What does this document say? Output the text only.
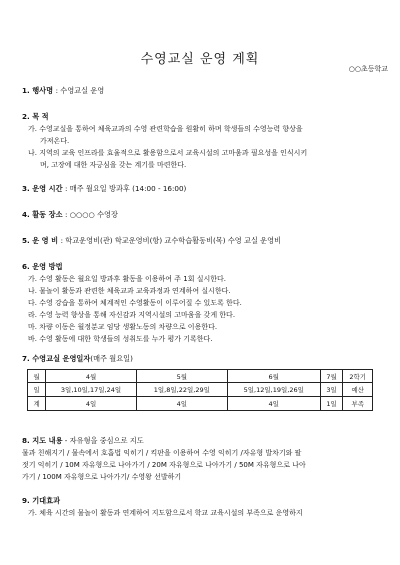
수영교실 운영 계획
○○초등학교
1. 행사명 : 수영교실 운영
2. 목 적
가. 수영교실을 통하여 체육교과의 수영 관련학습을 원활히 하며 학생들의 수영능력 향상을
가져온다.
나. 지역의 교육 인프라를 효율적으로 활용함으로서 교육시설의 고마움과 필요성을 인식시키
며, 고장에 대한 자긍심을 갖는 계기를 마련한다.
3. 운영 시간 : 매주 월요일 방과후 (14:00 - 16:00)
4. 활동 장소 : ○○○○ 수영장
5. 운 영 비 : 학교운영비(관) 학교운영비(항) 교수학습활동비(목) 수영 교실 운영비
6. 운영 방법
가. 수영 활동은 월요일 방과후 활동을 이용하여 주 1회 실시한다.
나. 물놀이 활동과 관련한 체육교과 교육과정과 연계하여 실시한다.
다. 수영 강습을 통하여 체계적인 수영활동이 이루어질 수 있도록 한다.
라. 수영 능력 향상을 통해 자신감과 지역시설의 고마움을 갖게 한다.
마. 차량 이동은 월정분교 임당 생활노동의 차량으로 이용한다.
바. 수영 활동에 대한 학생들의 성취도를 누가 평가 기록한다.
7. 수영교실 운영일자(매주 월요일)
월	4월	5월	6월	7월	2학기
일	3일,10일,17일,24일	1일,8일,22일,29일	5일,12일,19일,26일	3일	예산
계	4일	4일	4일	1일	부족
8. 지도 내용 - 자유형을 중심으로 지도
물과 친해지기 / 물속에서 호흡법 익히기 / 킥판을 이용하여 수영 익히기 /자유형 발차기와 팔
젓기 익히기 / 10M 자유형으로 나아가기 / 20M 자유형으로 나아가기 / 50M 자유형으로 나아
가기 / 100M 자유형으로 나아가기/ 수영왕 선발하기
9. 기대효과
가. 체육 시간의 물놀이 활동과 연계하여 지도함으로서 학교 교육시설의 부족으로 운영하지
